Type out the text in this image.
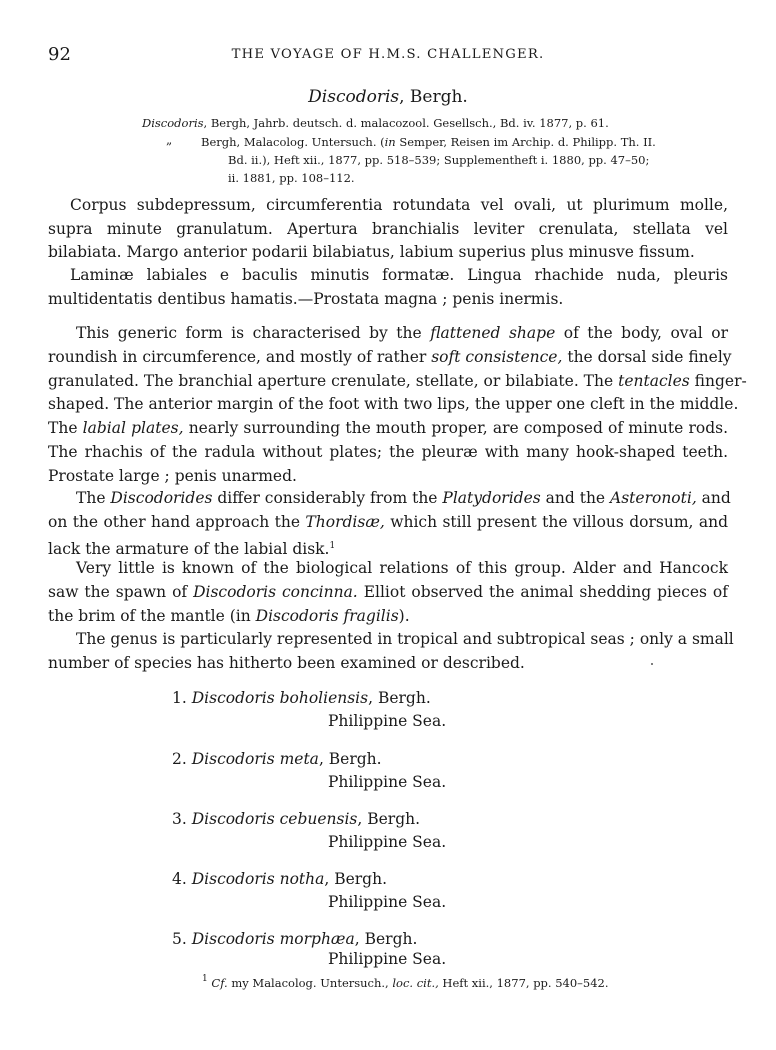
92	THE VOYAGE OF H.M.S. CHALLENGER.
Discodoris, Bergh.
Discodoris, Bergh, Jahrb. deutsch. d. malacozool. Gesellsch., Bd. iv. 1877, p. 61.
„	Bergh, Malacolog. Untersuch. (in Semper, Reisen im Archip. d. Philipp. Th. II.
Bd. ii.), Heft xii., 1877, pp. 518–539; Supplementheft i. 1880, pp. 47–50;
ii. 1881, pp. 108–112.
Corpus subdepressum, circumferentia rotundata vel ovali, ut plurimum molle, supra minute granulatum. Apertura branchialis leviter crenulata, stellata vel bilabiata. Margo anterior podarii bilabiatus, labium superius plus minusve fissum.
Laminæ labiales e baculis minutis formatæ. Lingua rhachide nuda, pleuris multidentatis dentibus hamatis.—Prostata magna ; penis inermis.
This generic form is characterised by the flattened shape of the body, oval or
roundish in circumference, and mostly of rather soft consistence, the dorsal side finely
granulated. The branchial aperture crenulate, stellate, or bilabiate. The tentacles finger-
shaped. The anterior margin of the foot with two lips, the upper one cleft in the middle.
The labial plates, nearly surrounding the mouth proper, are composed of minute rods.
The rhachis of the radula without plates; the pleuræ with many hook-shaped teeth.
Prostate large ; penis unarmed.
The Discodorides differ considerably from the Platydorides and the Asteronoti, and
on the other hand approach the Thordisæ, which still present the villous dorsum, and
lack the armature of the labial disk.$^1$
Very little is known of the biological relations of this group. Alder and Hancock
saw the spawn of Discodoris concinna. Elliot observed the animal shedding pieces of
the brim of the mantle (in Discodoris fragilis).
The genus is particularly represented in tropical and subtropical seas ; only a small
number of species has hitherto been examined or described.
1. Discodoris boholiensis, Bergh.
Philippine Sea.
2. Discodoris meta, Bergh.
Philippine Sea.
3. Discodoris cebuensis, Bergh.
Philippine Sea.
4. Discodoris notha, Bergh.
Philippine Sea.
5. Discodoris morphæa, Bergh.
Philippine Sea.
$^1$ Cf. my Malacolog. Untersuch., loc. cit., Heft xii., 1877, pp. 540–542.
